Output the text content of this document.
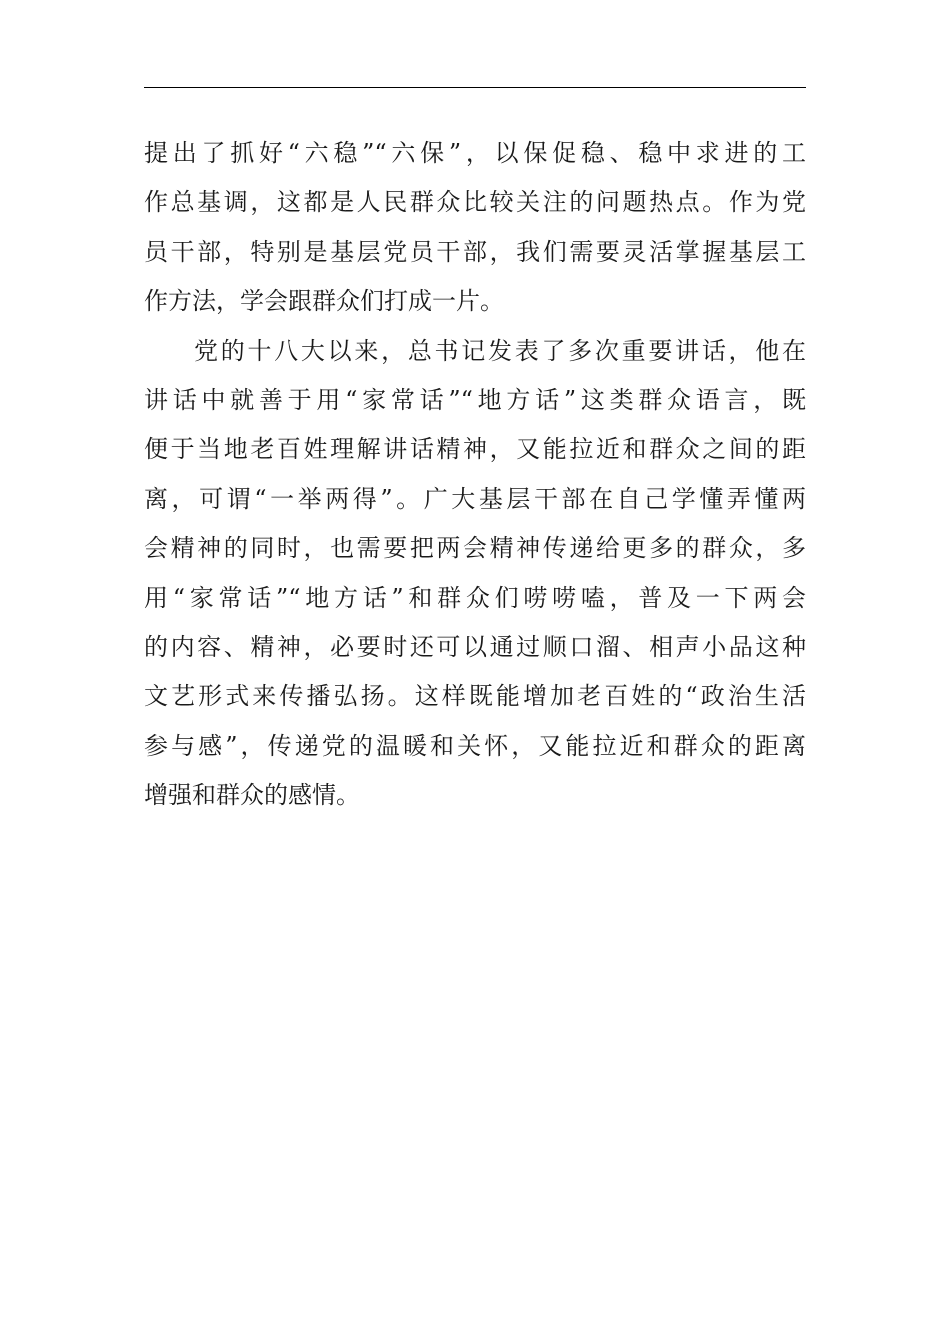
提出了抓好“六稳”“六保”，以保促稳、稳中求进的工
作总基调，这都是人民群众比较关注的问题热点。作为党
员干部，特别是基层党员干部，我们需要灵活掌握基层工
作方法，学会跟群众们打成一片。
党的十八大以来，总书记发表了多次重要讲话，他在
讲话中就善于用“家常话”“地方话”这类群众语言，既
便于当地老百姓理解讲话精神，又能拉近和群众之间的距
离，可谓“一举两得”。广大基层干部在自己学懂弄懂两
会精神的同时，也需要把两会精神传递给更多的群众，多
用“家常话”“地方话”和群众们唠唠嗑，普及一下两会
的内容、精神，必要时还可以通过顺口溜、相声小品这种
文艺形式来传播弘扬。这样既能增加老百姓的“政治生活
参与感”，传递党的温暖和关怀，又能拉近和群众的距离
增强和群众的感情。
